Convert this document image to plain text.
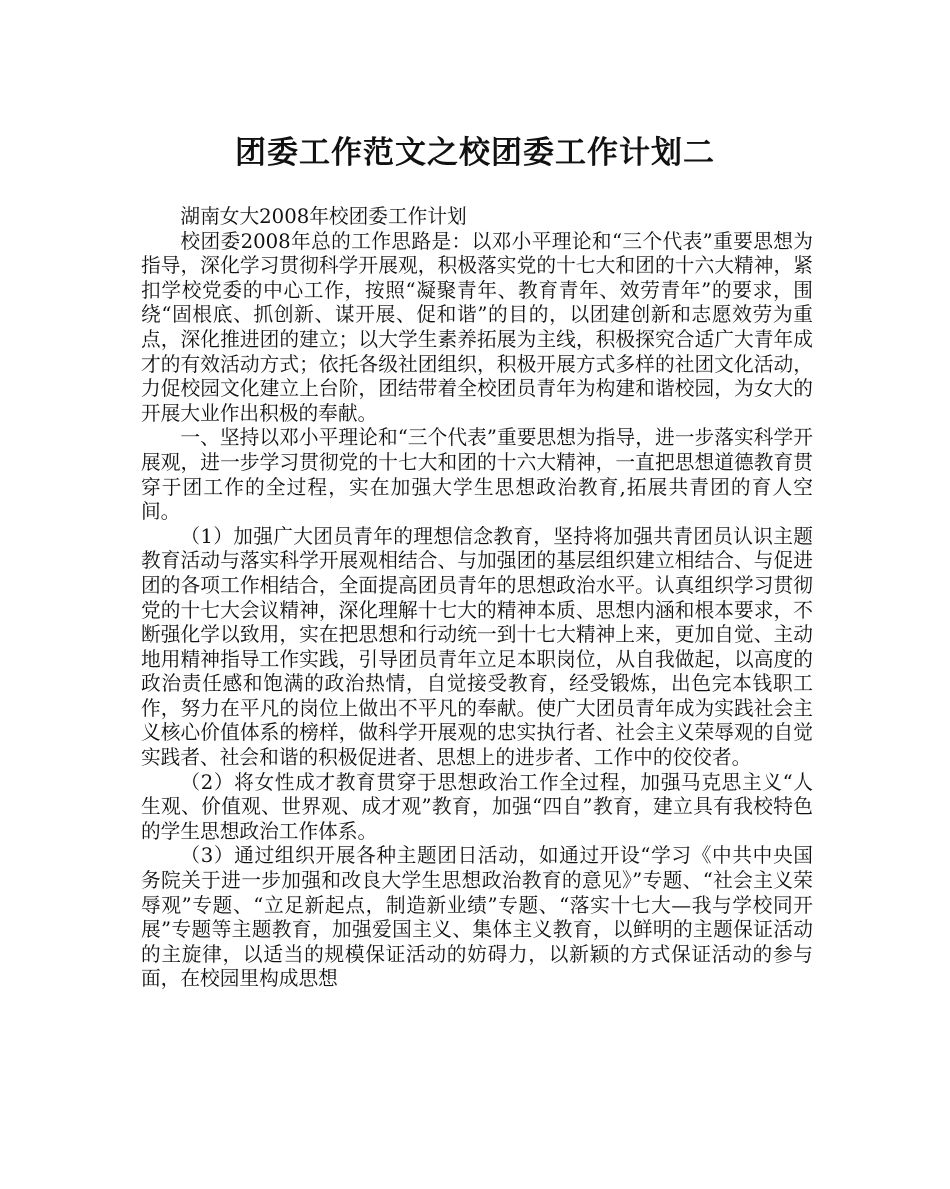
团委工作范文之校团委工作计划二

湖南女大2008年校团委工作计划

校团委2008年总的工作思路是：以邓小平理论和“三个代表”重要思想为指导，深化学习贯彻科学开展观，积极落实党的十七大和团的十六大精神，紧扣学校党委的中心工作，按照“凝聚青年、教育青年、效劳青年”的要求，围绕“固根底、抓创新、谋开展、促和谐”的目的，以团建创新和志愿效劳为重点，深化推进团的建立；以大学生素养拓展为主线，积极探究合适广大青年成才的有效活动方式；依托各级社团组织，积极开展方式多样的社团文化活动，力促校园文化建立上台阶，团结带着全校团员青年为构建和谐校园，为女大的开展大业作出积极的奉献。

一、坚持以邓小平理论和“三个代表”重要思想为指导，进一步落实科学开展观，进一步学习贯彻党的十七大和团的十六大精神，一直把思想道德教育贯穿于团工作的全过程，实在加强大学生思想政治教育,拓展共青团的育人空间。

（1）加强广大团员青年的理想信念教育，坚持将加强共青团员认识主题教育活动与落实科学开展观相结合、与加强团的基层组织建立相结合、与促进团的各项工作相结合，全面提高团员青年的思想政治水平。认真组织学习贯彻党的十七大会议精神，深化理解十七大的精神本质、思想内涵和根本要求，不断强化学以致用，实在把思想和行动统一到十七大精神上来，更加自觉、主动地用精神指导工作实践，引导团员青年立足本职岗位，从自我做起，以高度的政治责任感和饱满的政治热情，自觉接受教育，经受锻炼，出色完本钱职工作，努力在平凡的岗位上做出不平凡的奉献。使广大团员青年成为实践社会主义核心价值体系的榜样，做科学开展观的忠实执行者、社会主义荣辱观的自觉实践者、社会和谐的积极促进者、思想上的进步者、工作中的佼佼者。

（2）将女性成才教育贯穿于思想政治工作全过程，加强马克思主义“人生观、价值观、世界观、成才观”教育，加强“四自”教育，建立具有我校特色的学生思想政治工作体系。

（3）通过组织开展各种主题团日活动，如通过开设“学习《中共中央国务院关于进一步加强和改良大学生思想政治教育的意见》”专题、“社会主义荣辱观”专题、“立足新起点，制造新业绩”专题、“落实十七大—我与学校同开展”专题等主题教育，加强爱国主义、集体主义教育，以鲜明的主题保证活动的主旋律，以适当的规模保证活动的妨碍力，以新颖的方式保证活动的参与面，在校园里构成思想
